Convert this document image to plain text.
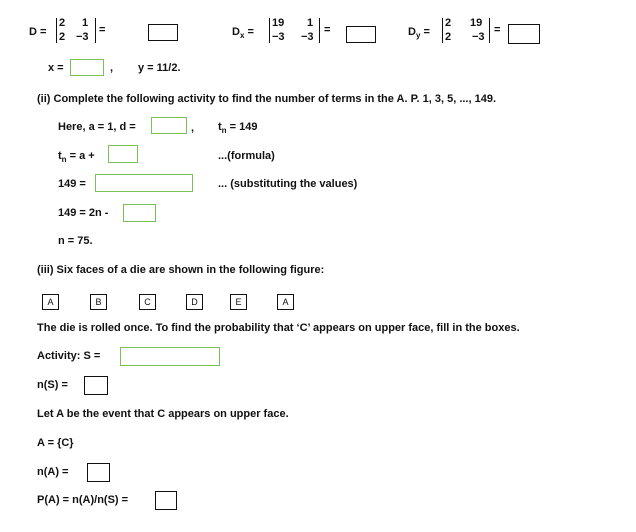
D =
2 1
2 −3
=	$D_x$ =
19 1
−3 −3
=	$D_y$ =
2 19
2 −3
=
x =	, y = 11/2.
(ii) Complete the following activity to find the number of terms in the A. P. 1, 3, 5, ..., 149.
Here, a = 1, d =	, $t_n = 149$
$t_n = a$ +	...(formula)
149 =	... (substituting the values)
149 = 2n -
n = 75.
(iii) Six faces of a die are shown in the following figure:
A	B	C	D	E	A
The die is rolled once. To find the probability that ‘C’ appears on upper face, fill in the boxes.
Activity: S =
n(S) =
Let A be the event that C appears on upper face.
A = {C}
n(A) =
P(A) = n(A)/n(S) =
